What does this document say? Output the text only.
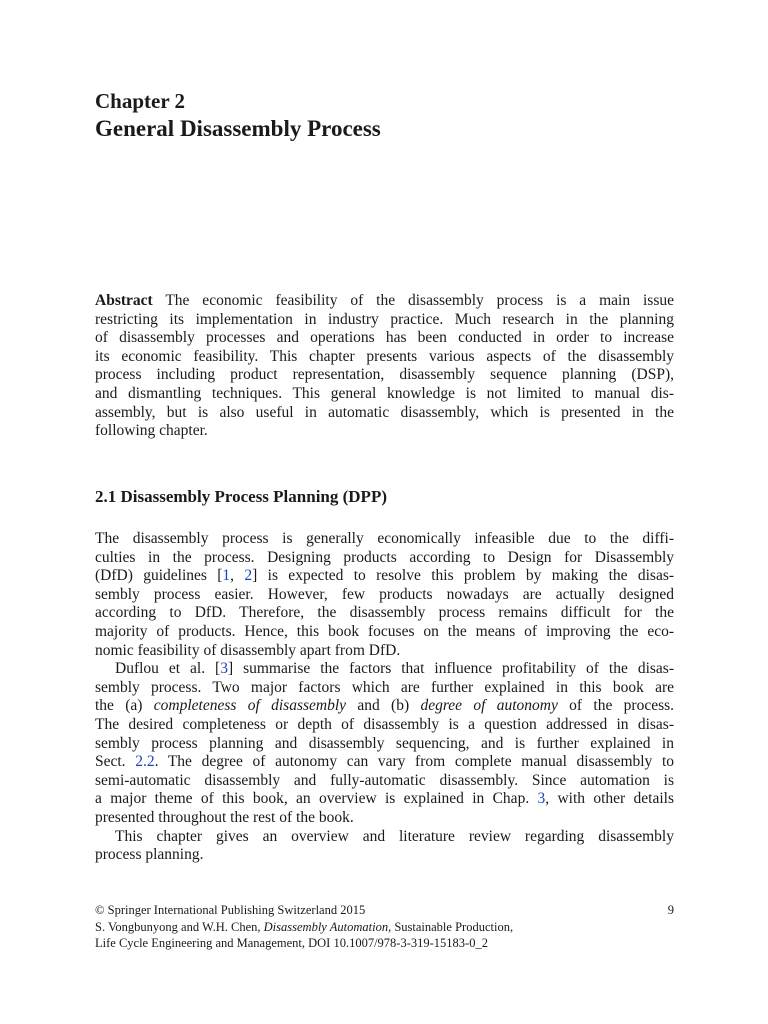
Chapter 2
General Disassembly Process
Abstract The economic feasibility of the disassembly process is a main issue
restricting its implementation in industry practice. Much research in the planning
of disassembly processes and operations has been conducted in order to increase
its economic feasibility. This chapter presents various aspects of the disassembly
process including product representation, disassembly sequence planning (DSP),
and dismantling techniques. This general knowledge is not limited to manual dis-
assembly, but is also useful in automatic disassembly, which is presented in the
following chapter.
2.1 Disassembly Process Planning (DPP)
The disassembly process is generally economically infeasible due to the diffi-
culties in the process. Designing products according to Design for Disassembly
(DfD) guidelines [1, 2] is expected to resolve this problem by making the disas-
sembly process easier. However, few products nowadays are actually designed
according to DfD. Therefore, the disassembly process remains difficult for the
majority of products. Hence, this book focuses on the means of improving the eco-
nomic feasibility of disassembly apart from DfD.
Duflou et al. [3] summarise the factors that influence profitability of the disas-
sembly process. Two major factors which are further explained in this book are
the (a) completeness of disassembly and (b) degree of autonomy of the process.
The desired completeness or depth of disassembly is a question addressed in disas-
sembly process planning and disassembly sequencing, and is further explained in
Sect. 2.2. The degree of autonomy can vary from complete manual disassembly to
semi-automatic disassembly and fully-automatic disassembly. Since automation is
a major theme of this book, an overview is explained in Chap. 3, with other details
presented throughout the rest of the book.
This chapter gives an overview and literature review regarding disassembly
process planning.
© Springer International Publishing Switzerland 2015	9
S. Vongbunyong and W.H. Chen, Disassembly Automation, Sustainable Production,
Life Cycle Engineering and Management, DOI 10.1007/978-3-319-15183-0_2
